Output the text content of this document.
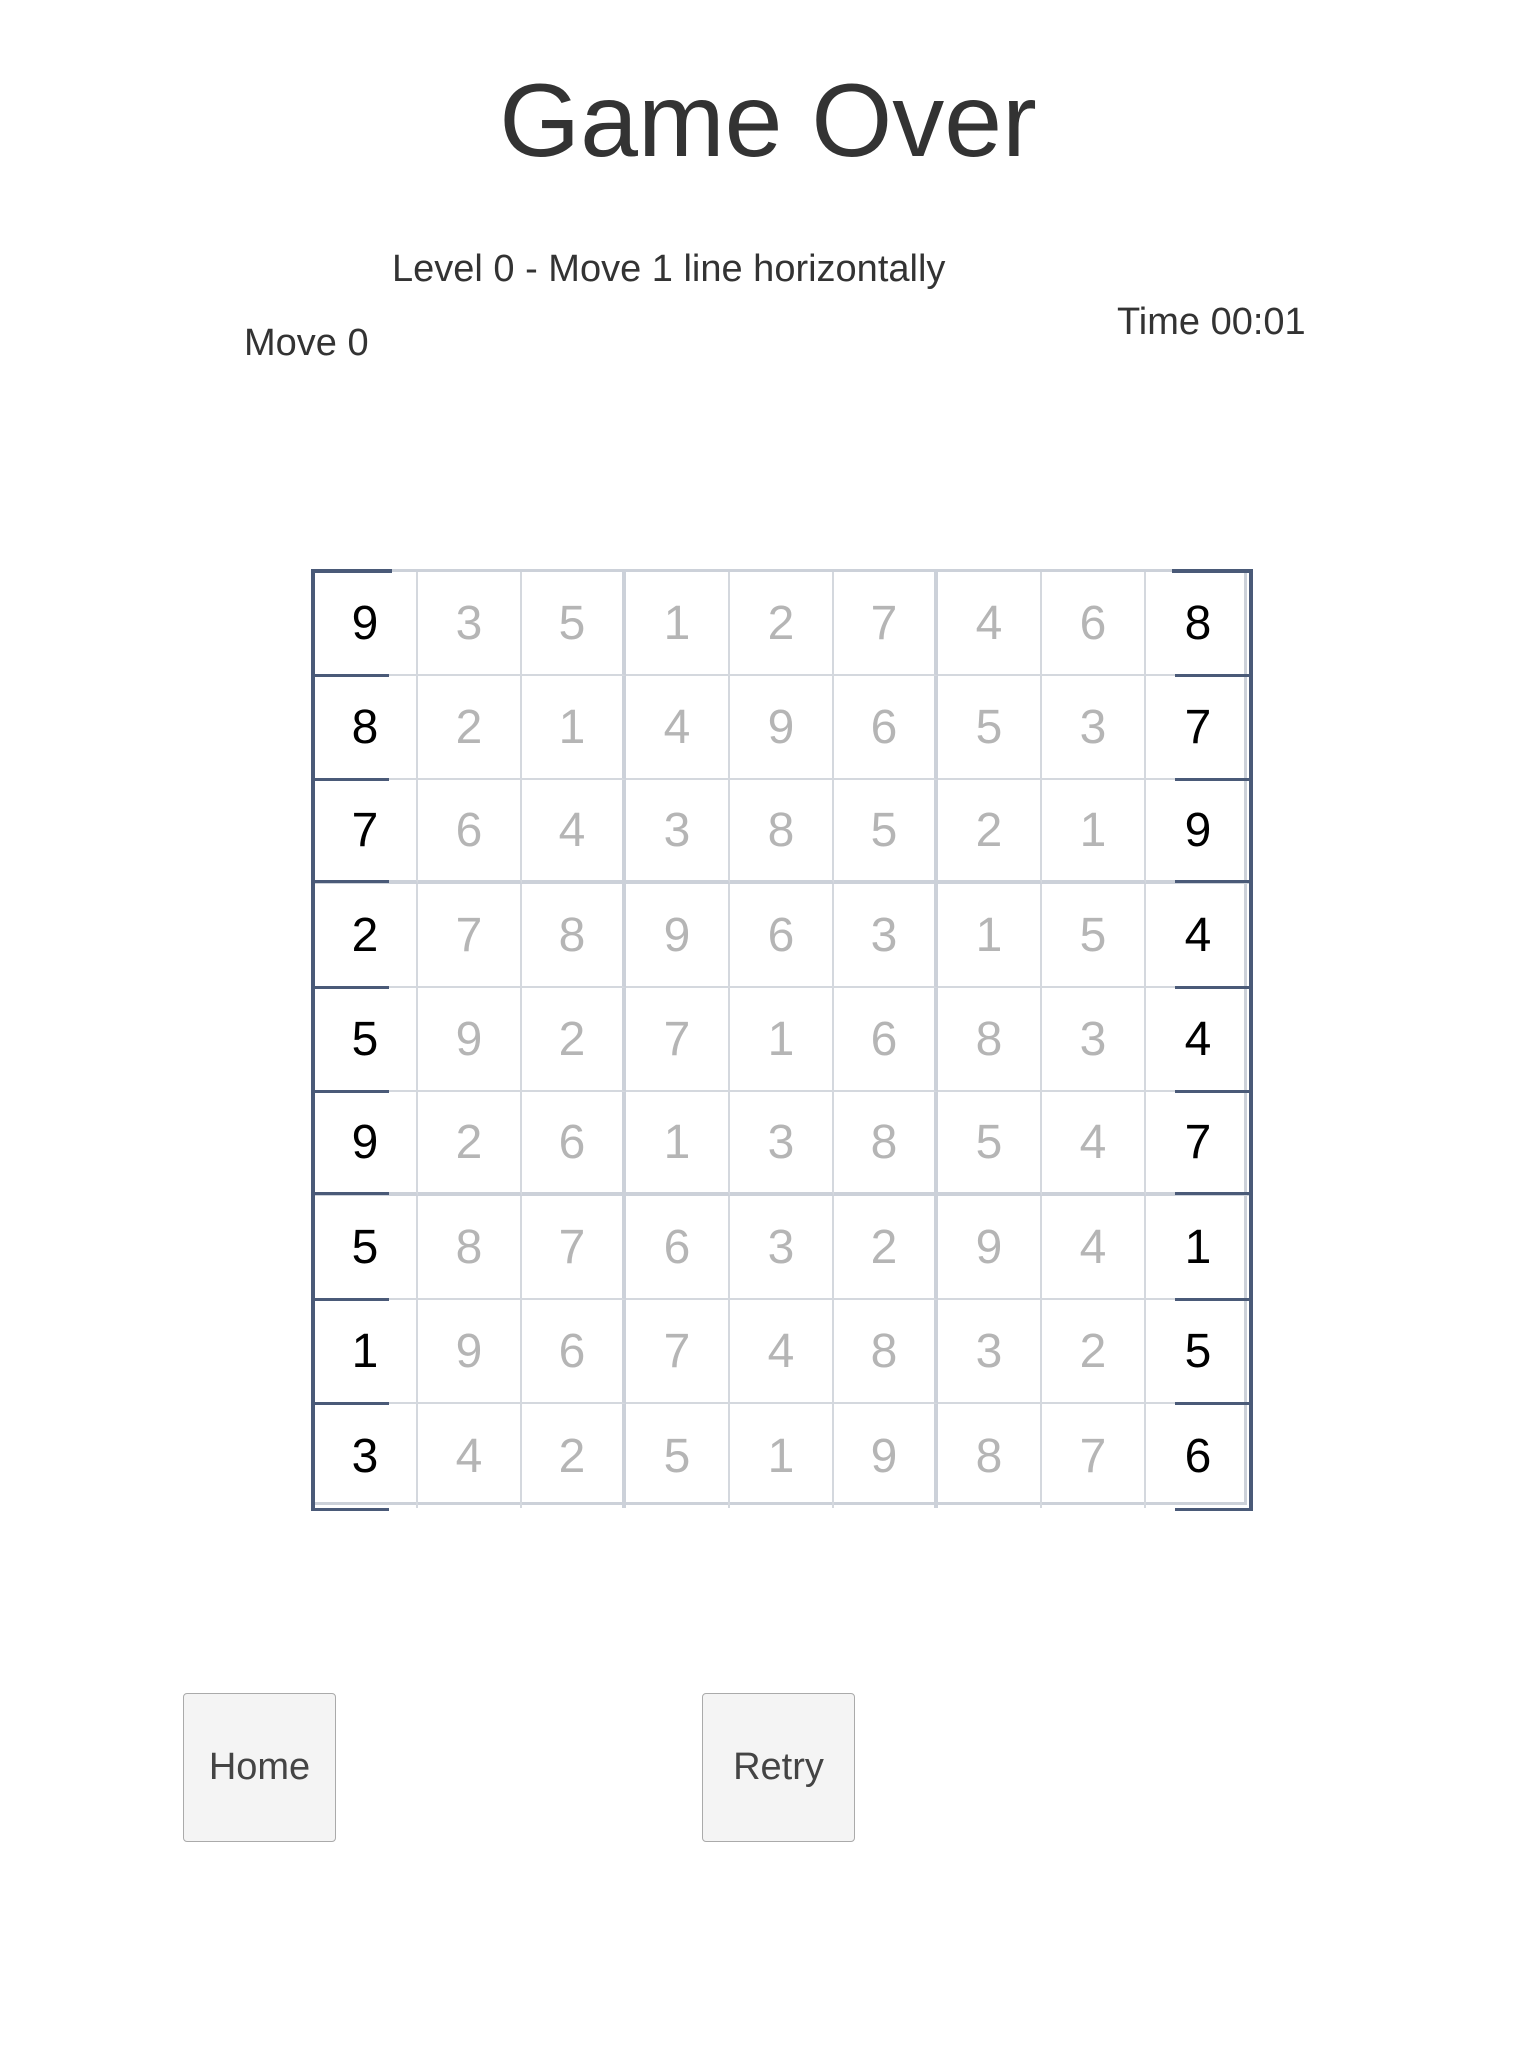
Game Over
Level 0 - Move 1 line horizontally
Move 0	Time 00:01
9 3 5 1 2 7 4 6 8
8 2 1 4 9 6 5 3 7
7 6 4 3 8 5 2 1 9
2 7 8 9 6 3 1 5 4
5 9 2 7 1 6 8 3 4
9 2 6 1 3 8 5 4 7
5 8 7 6 3 2 9 4 1
1 9 6 7 4 8 3 2 5
3 4 2 5 1 9 8 7 6
Home	Retry
